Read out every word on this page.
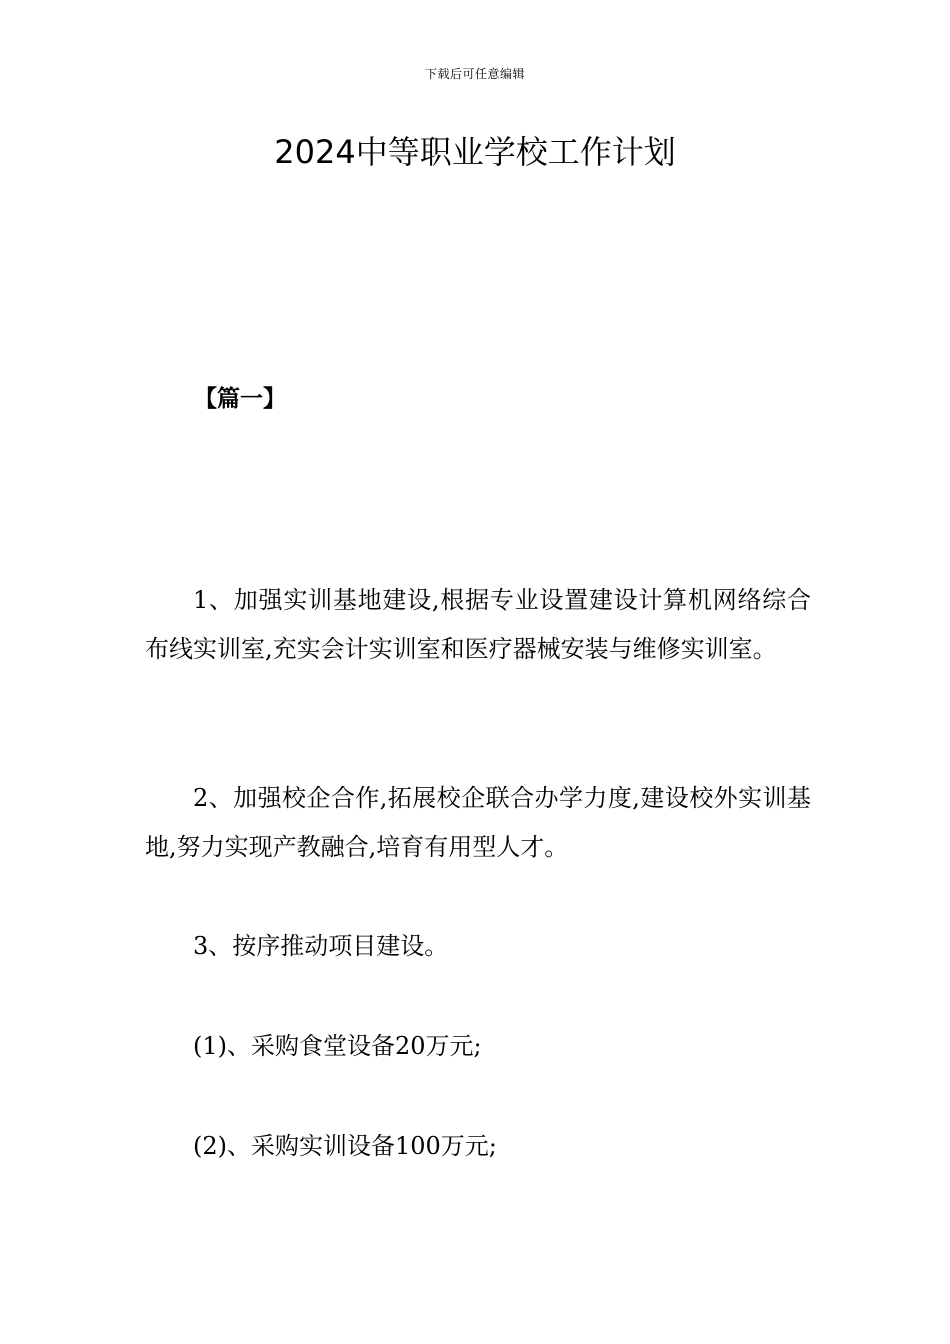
下载后可任意编辑
2024中等职业学校工作计划
【篇一】

1、加强实训基地建设,根据专业设置建设计算机网络综合布线实训室,充实会计实训室和医疗器械安装与维修实训室。

2、加强校企合作,拓展校企联合办学力度,建设校外实训基地,努力实现产教融合,培育有用型人才。

3、按序推动项目建设。

(1)、采购食堂设备20万元;

(2)、采购实训设备100万元;
